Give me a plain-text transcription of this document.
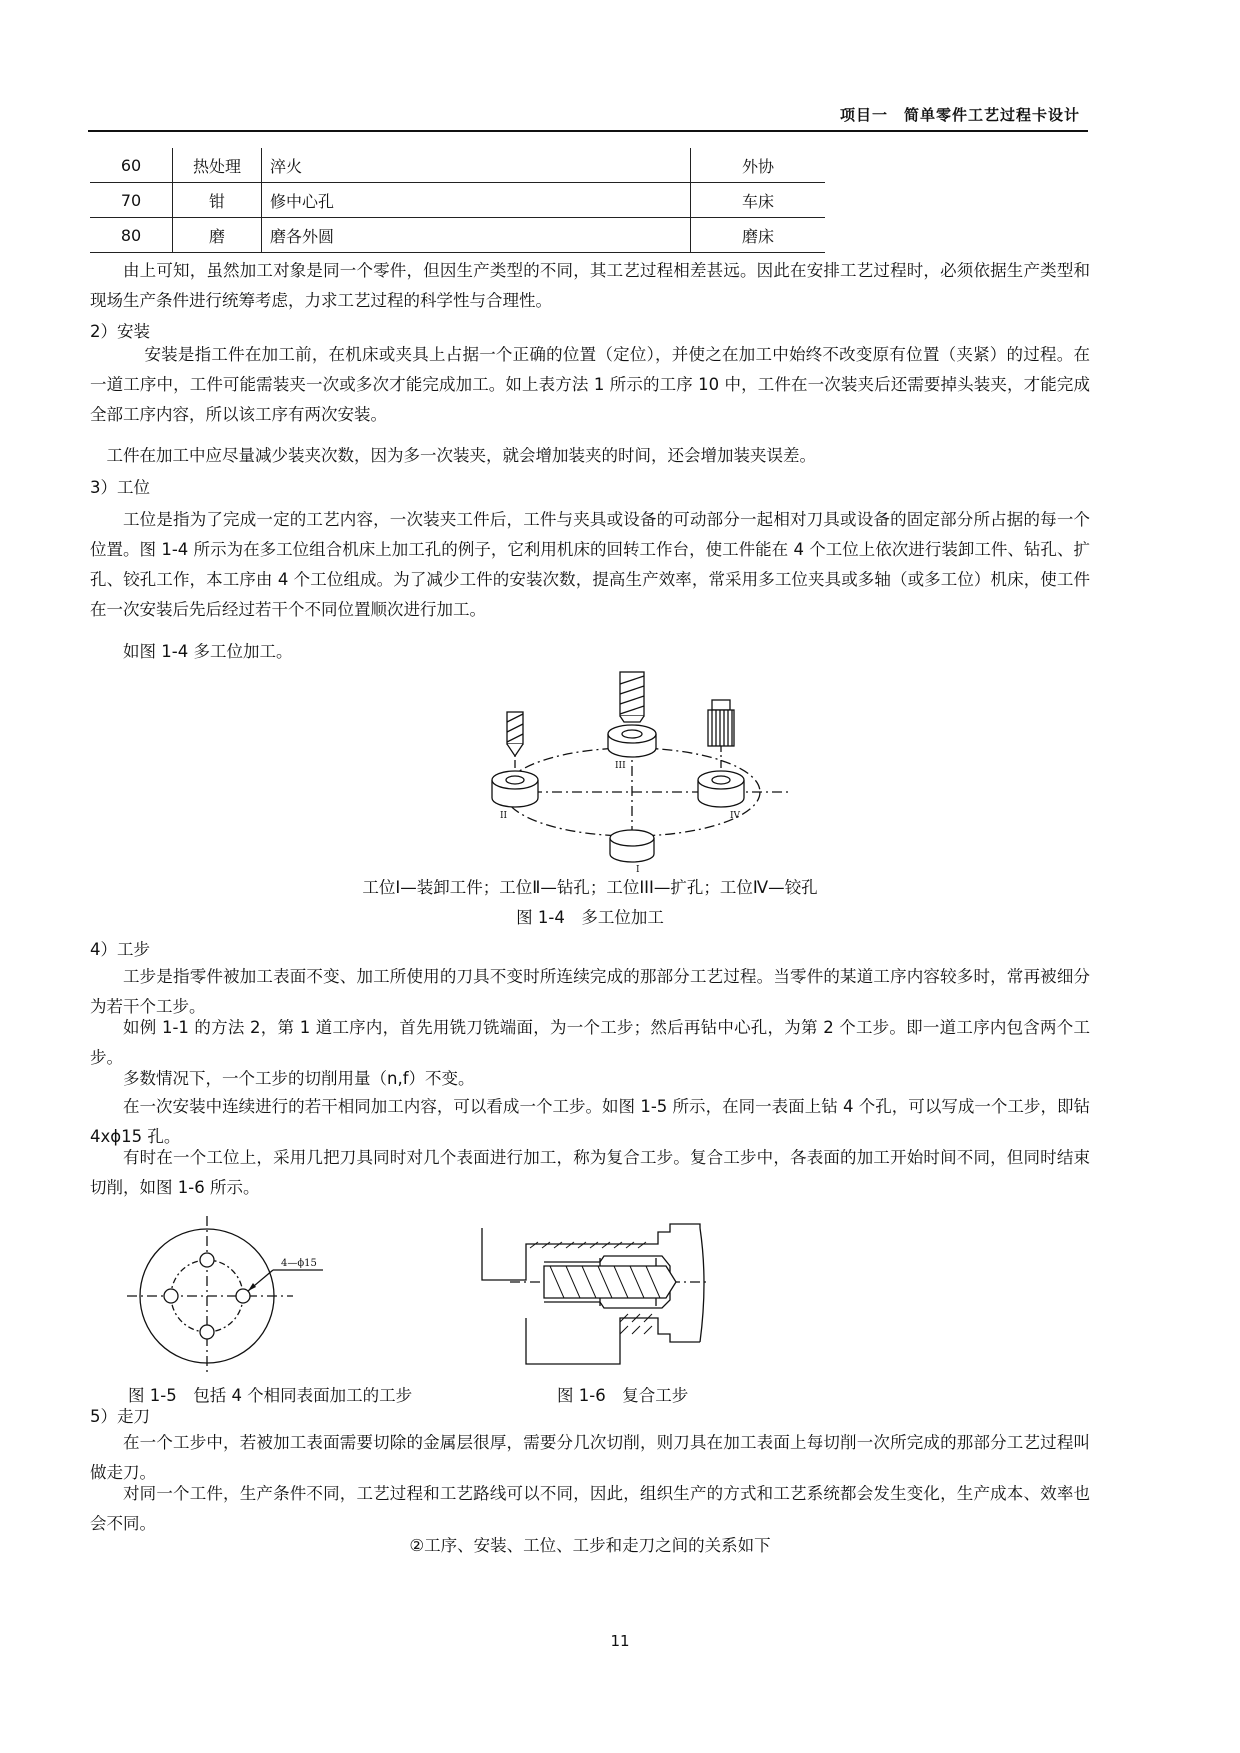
项目一　简单零件工艺过程卡设计
60	热处理	淬火	外协
70	钳	修中心孔	车床
80	磨	磨各外圆	磨床
由上可知，虽然加工对象是同一个零件，但因生产类型的不同，其工艺过程相差甚远。因此在安排工艺过程时，必须依据生产类型和现场生产条件进行统筹考虑，力求工艺过程的科学性与合理性。
2）安装
安装是指工件在加工前，在机床或夹具上占据一个正确的位置（定位），并使之在加工中始终不改变原有位置（夹紧）的过程。在一道工序中，工件可能需装夹一次或多次才能完成加工。如上表方法 1 所示的工序 10 中，工件在一次装夹后还需要掉头装夹，才能完成全部工序内容，所以该工序有两次安装。
工件在加工中应尽量减少装夹次数，因为多一次装夹，就会增加装夹的时间，还会增加装夹误差。
3）工位
工位是指为了完成一定的工艺内容，一次装夹工件后，工件与夹具或设备的可动部分一起相对刀具或设备的固定部分所占据的每一个位置。图 1-4 所示为在多工位组合机床上加工孔的例子，它利用机床的回转工作台，使工件能在 4 个工位上依次进行装卸工件、钻孔、扩孔、铰孔工作，本工序由 4 个工位组成。为了减少工件的安装次数，提高生产效率，常采用多工位夹具或多轴（或多工位）机床，使工件在一次安装后先后经过若干个不同位置顺次进行加工。
如图 1-4 多工位加工。
I
II
III
IV
工位Ⅰ—装卸工件；工位Ⅱ—钻孔；工位III—扩孔；工位Ⅳ—铰孔
图 1-4　多工位加工
4）工步
工步是指零件被加工表面不变、加工所使用的刀具不变时所连续完成的那部分工艺过程。当零件的某道工序内容较多时，常再被细分为若干个工步。
如例 1-1 的方法 2，第 1 道工序内，首先用铣刀铣端面，为一个工步；然后再钻中心孔，为第 2 个工步。即一道工序内包含两个工步。
多数情况下，一个工步的切削用量（n,f）不变。
在一次安装中连续进行的若干相同加工内容，可以看成一个工步。如图 1-5 所示，在同一表面上钻 4 个孔，可以写成一个工步，即钻 4xϕ15 孔。
有时在一个工位上，采用几把刀具同时对几个表面进行加工，称为复合工步。复合工步中，各表面的加工开始时间不同，但同时结束切削，如图 1-6 所示。
4—ϕ15
图 1-5　包括 4 个相同表面加工的工步	图 1-6　复合工步
5）走刀
在一个工步中，若被加工表面需要切除的金属层很厚，需要分几次切削，则刀具在加工表面上每切削一次所完成的那部分工艺过程叫做走刀。
对同一个工件，生产条件不同，工艺过程和工艺路线可以不同，因此，组织生产的方式和工艺系统都会发生变化，生产成本、效率也会不同。
②工序、安装、工位、工步和走刀之间的关系如下
11
